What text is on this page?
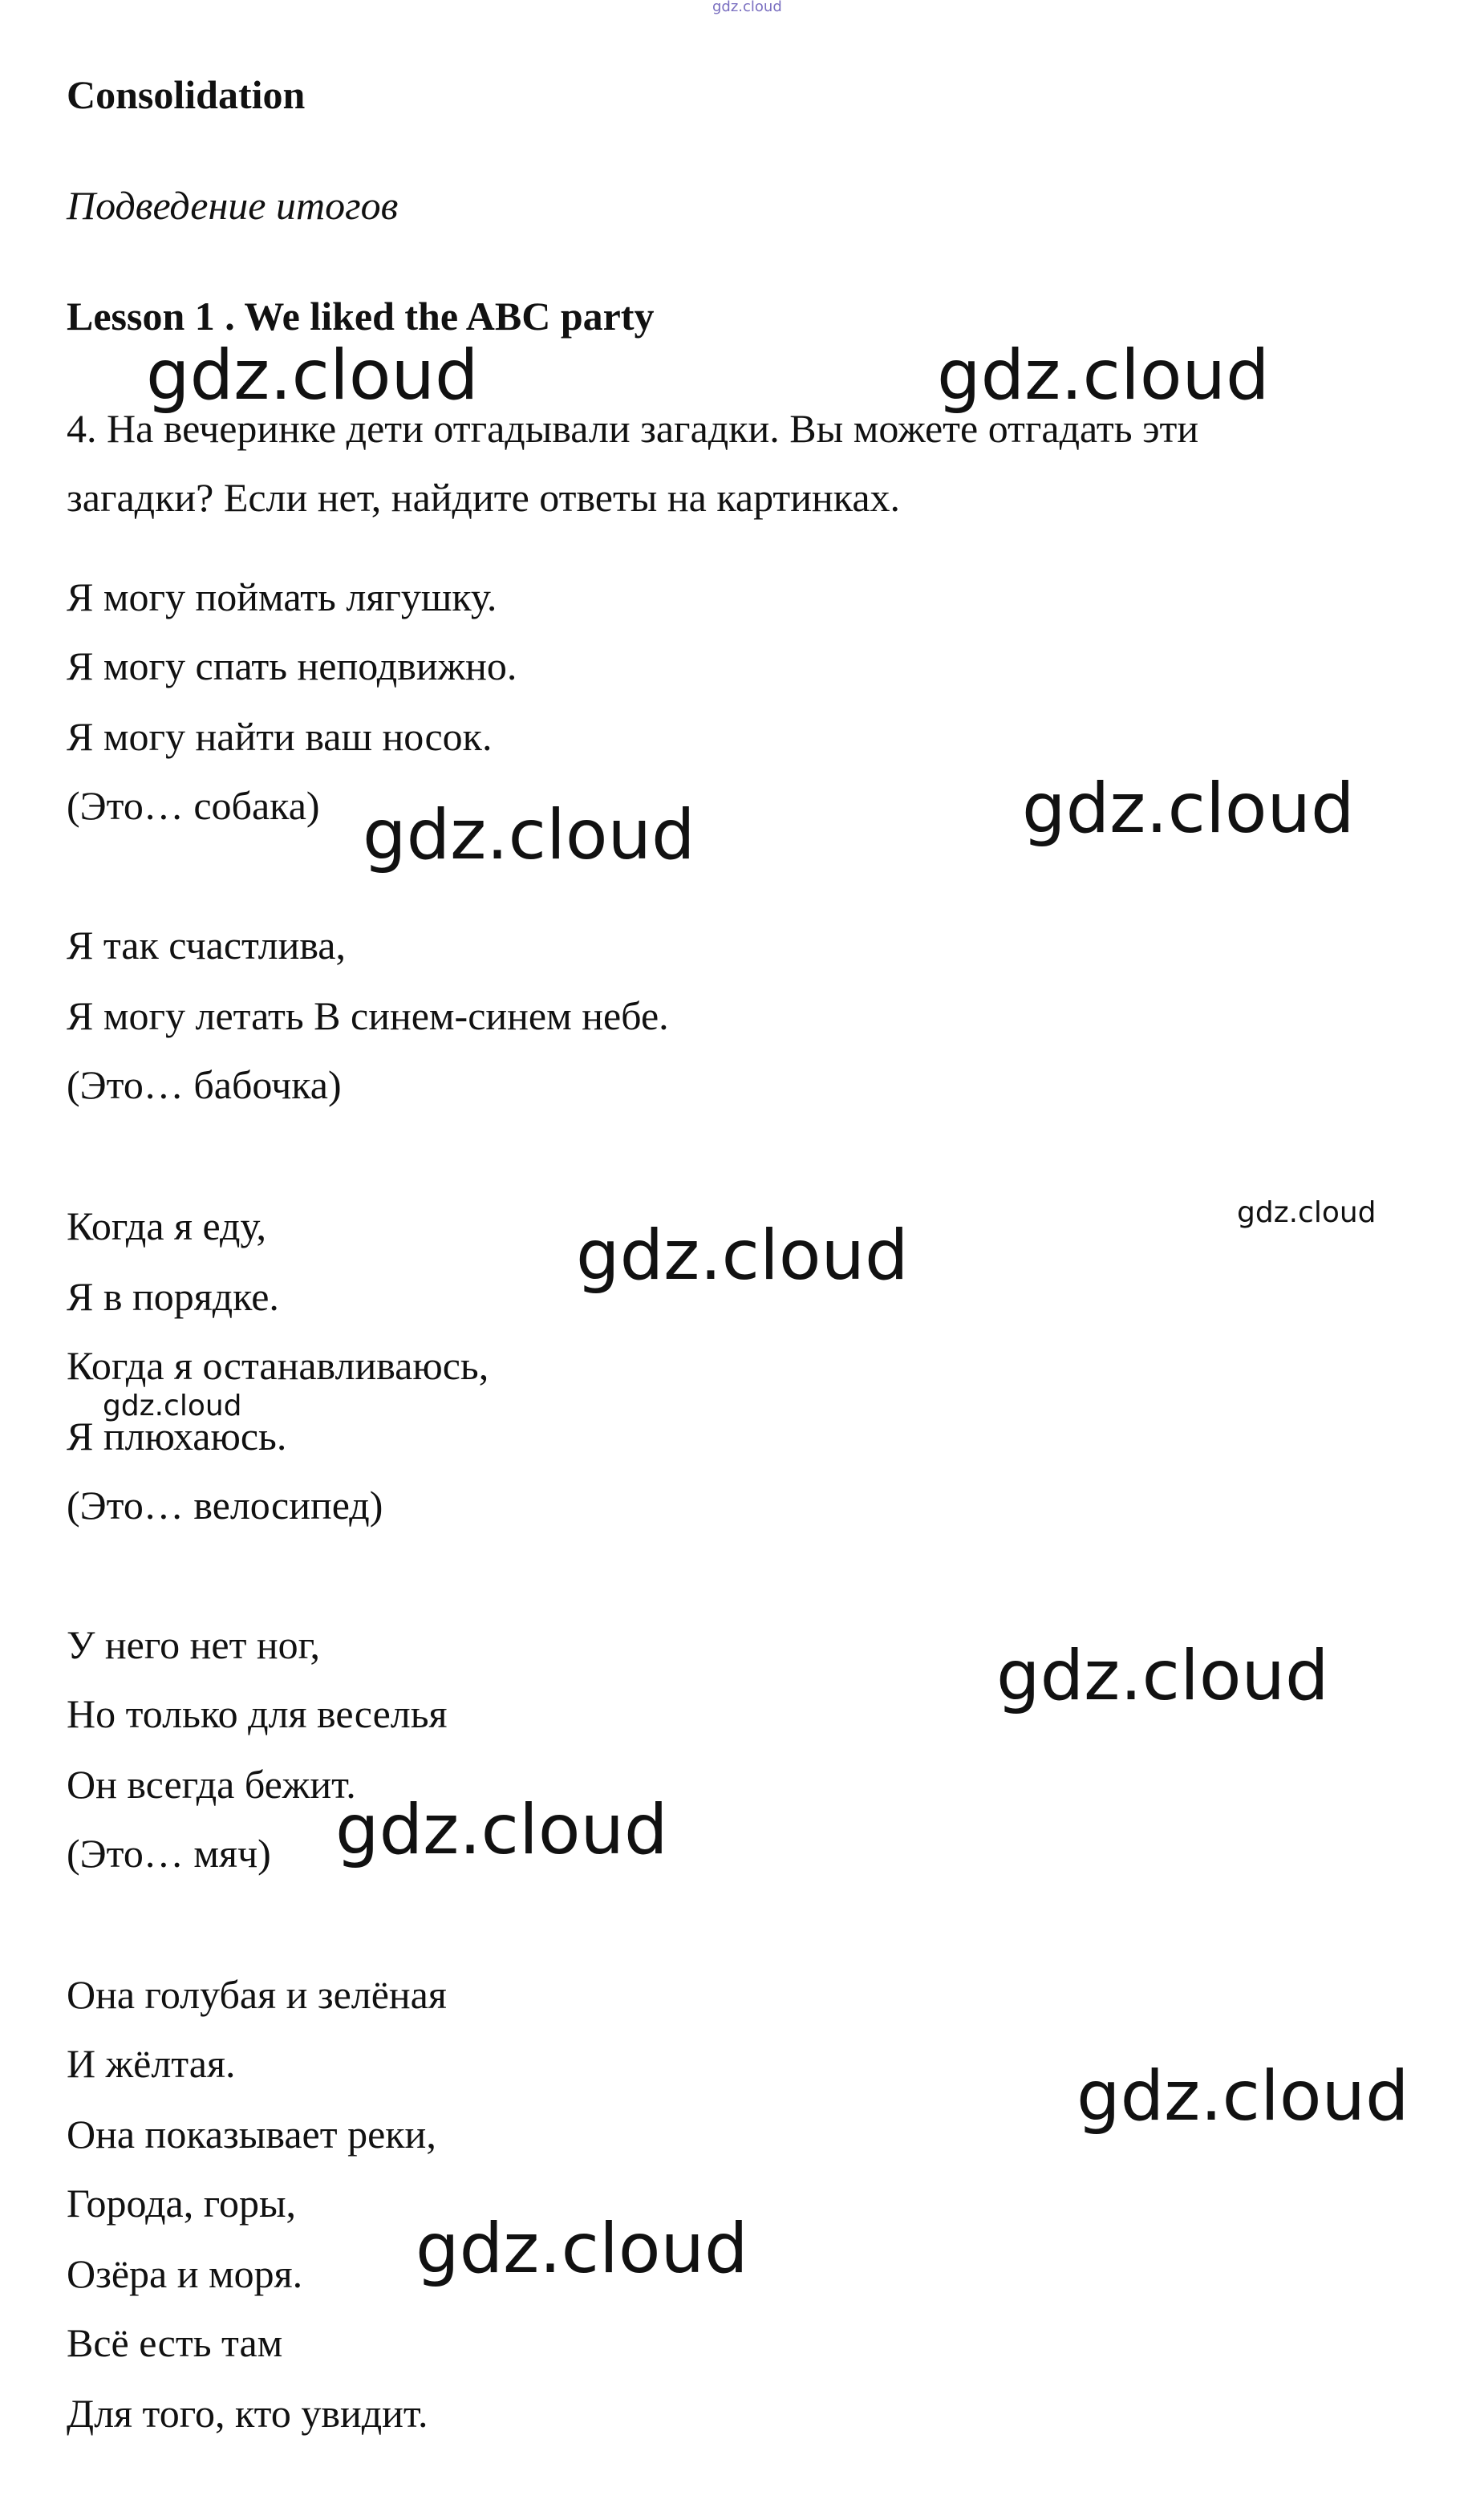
gdz.cloud
Consolidation
Подведение итогов
Lesson 1 . We liked the ABC party
4. На вечеринке дети отгадывали загадки. Вы можете отгадать эти
загадки? Если нет, найдите ответы на картинках.
Я могу поймать лягушку.
Я могу спать неподвижно.
Я могу найти ваш носок.
(Это… собака)
Я так счастлива,
Я могу летать В синем-синем небе.
(Это… бабочка)
Когда я еду,
Я в порядке.
Когда я останавливаюсь,
Я плюхаюсь.
(Это… велосипед)
У него нет ног,
Но только для веселья
Он всегда бежит.
(Это… мяч)
Она голубая и зелёная
И жёлтая.
Она показывает реки,
Города, горы,
Озёра и моря.
Всё есть там
Для того, кто увидит.
gdz.cloud	gdz.cloud
gdz.cloud	gdz.cloud
gdz.cloud
gdz.cloud
gdz.cloud
gdz.cloud
gdz.cloud
gdz.cloud
gdz.cloud
